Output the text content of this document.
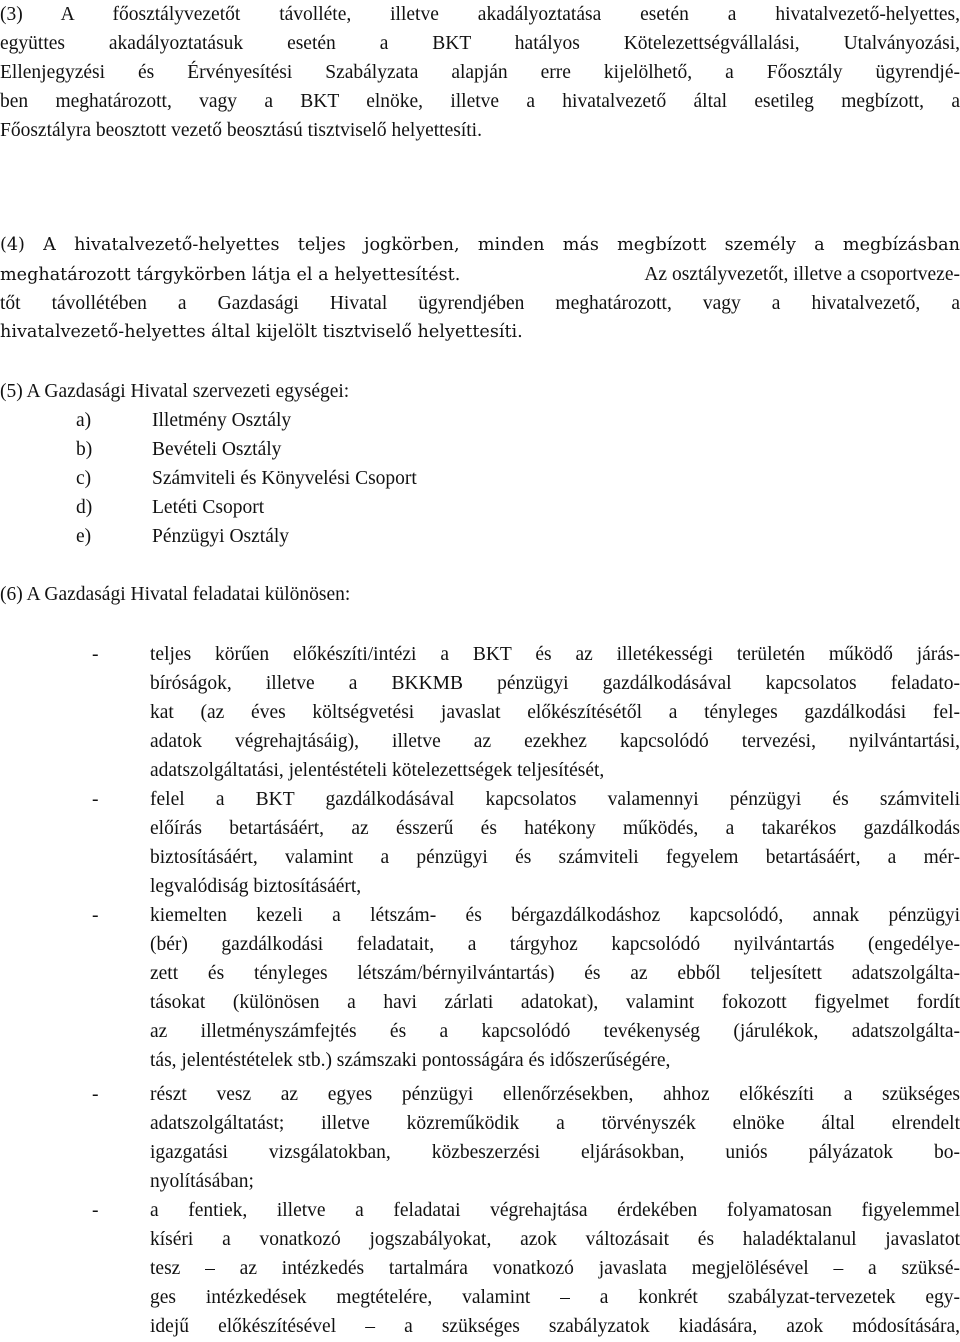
(3) A főosztályvezetőt távolléte, illetve akadályoztatása esetén a hivatalvezető-helyettes,
együttes akadályoztatásuk esetén a BKT hatályos Kötelezettségvállalási, Utalványozási,
Ellenjegyzési és Érvényesítési Szabályzata alapján erre kijelölhető, a Főosztály ügyrendjé-
ben meghatározott, vagy a BKT elnöke, illetve a hivatalvezető által esetileg megbízott, a
Főosztályra beosztott vezető beosztású tisztviselő helyettesíti.
(4) A hivatalvezető-helyettes teljes jogkörben, minden más megbízott személy a megbízásban
meghatározott tárgykörben látja el a helyettesítést.	Az osztályvezetőt, illetve a csoportveze-
tőt távollétében a Gazdasági Hivatal ügyrendjében meghatározott, vagy a hivatalvezető, a
hivatalvezető-helyettes által kijelölt tisztviselő helyettesíti.
(5) A Gazdasági Hivatal szervezeti egységei:
a)	Illetmény Osztály
b)	Bevételi Osztály
c)	Számviteli és Könyvelési Csoport
d)	Letéti Csoport
e)	Pénzügyi Osztály
(6) A Gazdasági Hivatal feladatai különösen:
-	teljes körűen előkészíti/intézi a BKT és az illetékességi területén működő járás-
bíróságok, illetve a BKKMB pénzügyi gazdálkodásával kapcsolatos feladato-
kat (az éves költségvetési javaslat előkészítésétől a tényleges gazdálkodási fel-
adatok végrehajtásáig), illetve az ezekhez kapcsolódó tervezési, nyilvántartási,
adatszolgáltatási, jelentéstételi kötelezettségek teljesítését,
-	felel a BKT gazdálkodásával kapcsolatos valamennyi pénzügyi és számviteli
előírás betartásáért, az ésszerű és hatékony működés, a takarékos gazdálkodás
biztosításáért, valamint a pénzügyi és számviteli fegyelem betartásáért, a mér-
legvalódiság biztosításáért,
-	kiemelten kezeli a létszám- és bérgazdálkodáshoz kapcsolódó, annak pénzügyi
(bér) gazdálkodási feladatait, a tárgyhoz kapcsolódó nyilvántartás (engedélye-
zett és tényleges létszám/bérnyilvántartás) és az ebből teljesített adatszolgálta-
tásokat (különösen a havi zárlati adatokat), valamint fokozott figyelmet fordít
az illetményszámfejtés és a kapcsolódó tevékenység (járulékok, adatszolgálta-
tás, jelentéstételek stb.) számszaki pontosságára és időszerűségére,
-	részt vesz az egyes pénzügyi ellenőrzésekben, ahhoz előkészíti a szükséges
adatszolgáltatást; illetve közreműködik a törvényszék elnöke által elrendelt
igazgatási vizsgálatokban, közbeszerzési eljárásokban, uniós pályázatok bo-
nyolításában;
-	a fentiek, illetve a feladatai végrehajtása érdekében folyamatosan figyelemmel
kíséri a vonatkozó jogszabályokat, azok változásait és haladéktalanul javaslatot
tesz – az intézkedés tartalmára vonatkozó javaslata megjelölésével – a szüksé-
ges intézkedések megtételére, valamint – a konkrét szabályzat-tervezetek egy-
idejű előkészítésével – a szükséges szabályzatok kiadására, azok módosítására,
